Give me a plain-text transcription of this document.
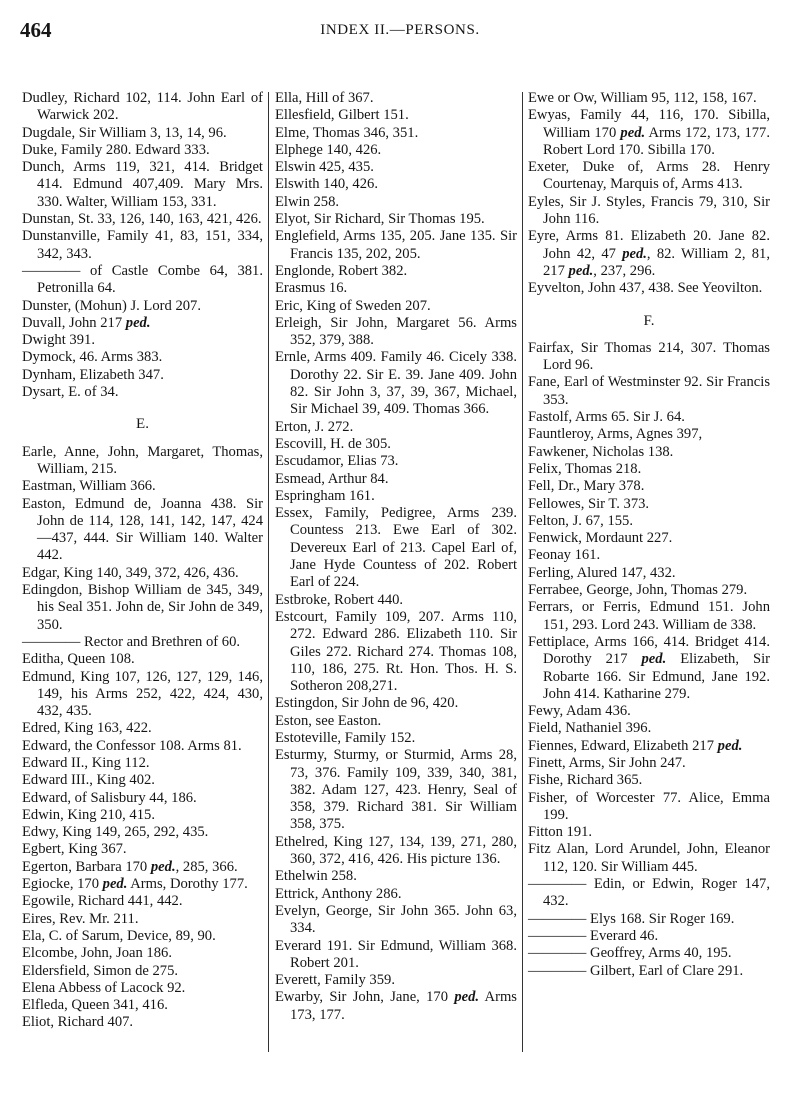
464	INDEX II.—PERSONS.
Dudley, Richard 102, 114. John Earl of Warwick 202.
Dugdale, Sir William 3, 13, 14, 96.
Duke, Family 280. Edward 333.
Dunch, Arms 119, 321, 414. Bridget 414. Edmund 407,409. Mary Mrs. 330. Walter, William 153, 331.
Dunstan, St. 33, 126, 140, 163, 421, 426.
Dunstanville, Family 41, 83, 151, 334, 342, 343.
———— of Castle Combe 64, 381. Petronilla 64.
Dunster, (Mohun) J. Lord 207.
Duvall, John 217 ped.
Dwight 391.
Dymock, 46. Arms 383.
Dynham, Elizabeth 347.
Dysart, E. of 34.
E.
Earle, Anne, John, Margaret, Thomas, William, 215.
Eastman, William 366.
Easton, Edmund de, Joanna 438. Sir John de 114, 128, 141, 142, 147, 424—437, 444. Sir William 140. Walter 442.
Edgar, King 140, 349, 372, 426, 436.
Edingdon, Bishop William de 345, 349, his Seal 351. John de, Sir John de 349, 350.
———— Rector and Brethren of 60.
Editha, Queen 108.
Edmund, King 107, 126, 127, 129, 146, 149, his Arms 252, 422, 424, 430, 432, 435.
Edred, King 163, 422.
Edward, the Confessor 108. Arms 81.
Edward II., King 112.
Edward III., King 402.
Edward, of Salisbury 44, 186.
Edwin, King 210, 415.
Edwy, King 149, 265, 292, 435.
Egbert, King 367.
Egerton, Barbara 170 ped., 285, 366.
Egiocke, 170 ped. Arms, Dorothy 177.
Egowile, Richard 441, 442.
Eires, Rev. Mr. 211.
Ela, C. of Sarum, Device, 89, 90.
Elcombe, John, Joan 186.
Eldersfield, Simon de 275.
Elena Abbess of Lacock 92.
Elfleda, Queen 341, 416.
Eliot, Richard 407.
Ella, Hill of 367.
Ellesfield, Gilbert 151.
Elme, Thomas 346, 351.
Elphege 140, 426.
Elswin 425, 435.
Elswith 140, 426.
Elwin 258.
Elyot, Sir Richard, Sir Thomas 195.
Englefield, Arms 135, 205. Jane 135. Sir Francis 135, 202, 205.
Englonde, Robert 382.
Erasmus 16.
Eric, King of Sweden 207.
Erleigh, Sir John, Margaret 56. Arms 352, 379, 388.
Ernle, Arms 409. Family 46. Cicely 338. Dorothy 22. Sir E. 39. Jane 409. John 82. Sir John 3, 37, 39, 367, Michael, Sir Michael 39, 409. Thomas 366.
Erton, J. 272.
Escovill, H. de 305.
Escudamor, Elias 73.
Esmead, Arthur 84.
Espringham 161.
Essex, Family, Pedigree, Arms 239. Countess 213. Ewe Earl of 302. Devereux Earl of 213. Capel Earl of, Jane Hyde Countess of 202. Robert Earl of 224.
Estbroke, Robert 440.
Estcourt, Family 109, 207. Arms 110, 272. Edward 286. Elizabeth 110. Sir Giles 272. Richard 274. Thomas 108, 110, 186, 275. Rt. Hon. Thos. H. S. Sotheron 208,271.
Estingdon, Sir John de 96, 420.
Eston, see Easton.
Estoteville, Family 152.
Esturmy, Sturmy, or Sturmid, Arms 28, 73, 376. Family 109, 339, 340, 381, 382. Adam 127, 423. Henry, Seal of 358, 379. Richard 381. Sir William 358, 375.
Ethelred, King 127, 134, 139, 271, 280, 360, 372, 416, 426. His picture 136.
Ethelwin 258.
Ettrick, Anthony 286.
Evelyn, George, Sir John 365. John 63, 334.
Everard 191. Sir Edmund, William 368. Robert 201.
Everett, Family 359.
Ewarby, Sir John, Jane, 170 ped. Arms 173, 177.
Ewe or Ow, William 95, 112, 158, 167.
Ewyas, Family 44, 116, 170. Sibilla, William 170 ped. Arms 172, 173, 177. Robert Lord 170. Sibilla 170.
Exeter, Duke of, Arms 28. Henry Courtenay, Marquis of, Arms 413.
Eyles, Sir J. Styles, Francis 79, 310, Sir John 116.
Eyre, Arms 81. Elizabeth 20. Jane 82. John 42, 47 ped., 82. William 2, 81, 217 ped., 237, 296.
Eyvelton, John 437, 438. See Yeovilton.
F.
Fairfax, Sir Thomas 214, 307. Thomas Lord 96.
Fane, Earl of Westminster 92. Sir Francis 353.
Fastolf, Arms 65. Sir J. 64.
Fauntleroy, Arms, Agnes 397,
Fawkener, Nicholas 138.
Felix, Thomas 218.
Fell, Dr., Mary 378.
Fellowes, Sir T. 373.
Felton, J. 67, 155.
Fenwick, Mordaunt 227.
Feonay 161.
Ferling, Alured 147, 432.
Ferrabee, George, John, Thomas 279.
Ferrars, or Ferris, Edmund 151. John 151, 293. Lord 243. William de 338.
Fettiplace, Arms 166, 414. Bridget 414. Dorothy 217 ped. Elizabeth, Sir Robarte 166. Sir Edmund, Jane 192. John 414. Katharine 279.
Fewy, Adam 436.
Field, Nathaniel 396.
Fiennes, Edward, Elizabeth 217 ped.
Finett, Arms, Sir John 247.
Fishe, Richard 365.
Fisher, of Worcester 77. Alice, Emma 199.
Fitton 191.
Fitz Alan, Lord Arundel, John, Eleanor 112, 120. Sir William 445.
———— Edin, or Edwin, Roger 147, 432.
———— Elys 168. Sir Roger 169.
———— Everard 46.
———— Geoffrey, Arms 40, 195.
———— Gilbert, Earl of Clare 291.
